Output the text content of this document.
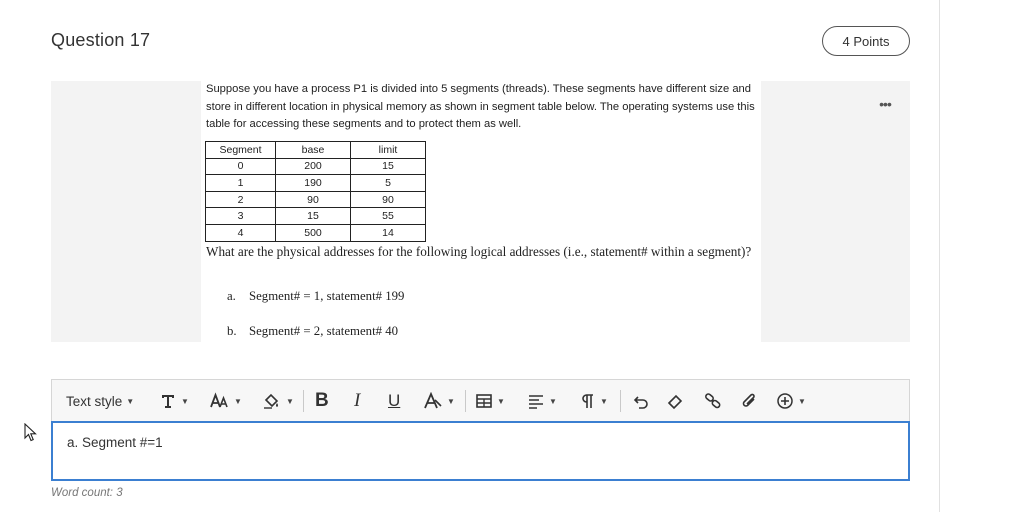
Question 17	4 Points
•••
Suppose you have a process P1 is divided into 5 segments (threads). These segments have different size and store in different location in physical memory as shown in segment table below. The operating systems use this table for accessing these segments and to protect them as well.
Segment	base	limit
0	200	15
1	190	5
2	90	90
3	15	55
4	500	14
What are the physical addresses for the following logical addresses (i.e., statement# within a segment)?
a. Segment# = 1, statement# 199
b. Segment# = 2, statement# 40
Text style ▼	▼	▼	▼ B I U	▼	▼	▼	▼	▼
a. Segment #=1
Word count: 3
